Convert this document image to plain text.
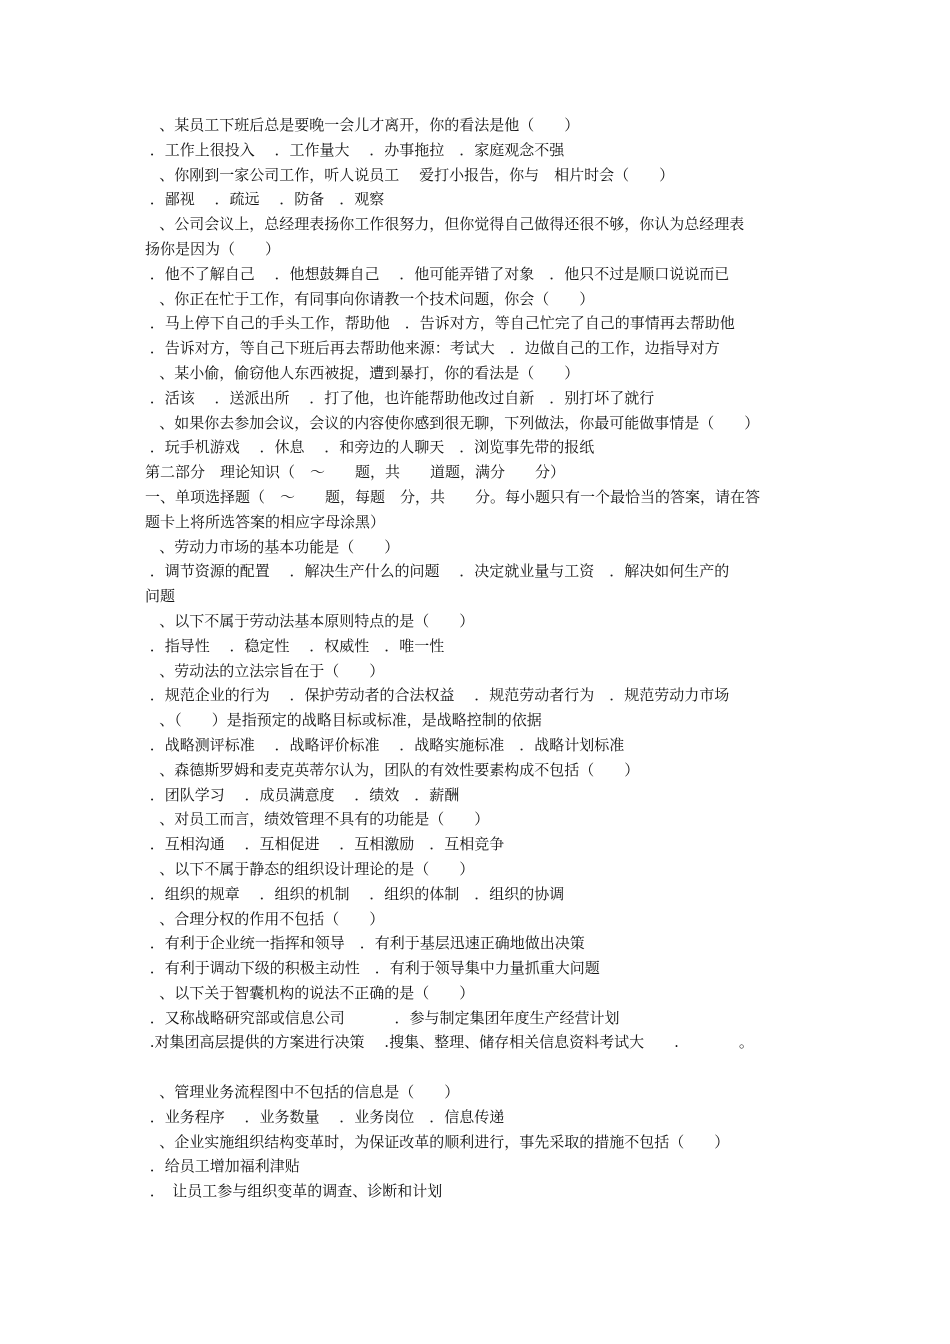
、某员工下班后总是要晚一会儿才离开，你的看法是他（　　）
．工作上很投入　 ．工作量大　 ．办事拖拉　．家庭观念不强
、你刚到一家公司工作，听人说员工　 爱打小报告，你与　相片时会（　　）
．鄙视　 ．疏远　 ．防备　．观察
、公司会议上，总经理表扬你工作很努力，但你觉得自己做得还很不够，你认为总经理表
扬你是因为（　　）
．他不了解自己　 ．他想鼓舞自己　 ．他可能弄错了对象　．他只不过是顺口说说而已
、你正在忙于工作，有同事向你请教一个技术问题，你会（　　）
．马上停下自己的手头工作，帮助他　．告诉对方，等自己忙完了自己的事情再去帮助他
．告诉对方，等自己下班后再去帮助他来源：考试大　．边做自己的工作，边指导对方
、某小偷，偷窃他人东西被捉，遭到暴打，你的看法是（　　）
．活该　 ．送派出所　 ．打了他，也许能帮助他改过自新　．别打坏了就行
、如果你去参加会议，会议的内容使你感到很无聊，下列做法，你最可能做事情是（　　）
．玩手机游戏　 ．休息　 ．和旁边的人聊天　．浏览事先带的报纸
第二部分　理论知识（　～　　题，共　　道题，满分　　分）
一、单项选择题（　～　　题，每题　分，共　　分。每小题只有一个最恰当的答案，请在答
题卡上将所选答案的相应字母涂黑）
、劳动力市场的基本功能是（　　）
．调节资源的配置　 ．解决生产什么的问题　 ．决定就业量与工资　．解决如何生产的
问题
、以下不属于劳动法基本原则特点的是（　　）
．指导性　 ．稳定性　 ．权威性　．唯一性
、劳动法的立法宗旨在于（　　）
．规范企业的行为　 ．保护劳动者的合法权益　 ．规范劳动者行为　．规范劳动力市场
、（　　）是指预定的战略目标或标准，是战略控制的依据
．战略测评标准　 ．战略评价标准　 ．战略实施标准　．战略计划标准
、森德斯罗姆和麦克英蒂尔认为，团队的有效性要素构成不包括（　　）
．团队学习　 ．成员满意度　 ．绩效　．薪酬
、对员工而言，绩效管理不具有的功能是（　　）
．互相沟通　 ．互相促进　 ．互相激励　．互相竞争
、以下不属于静态的组织设计理论的是（　　）
．组织的规章　 ．组织的机制　 ．组织的体制　．组织的协调
、合理分权的作用不包括（　　）
．有利于企业统一指挥和领导　．有利于基层迅速正确地做出决策
．有利于调动下级的积极主动性　．有利于领导集中力量抓重大问题
、以下关于智囊机构的说法不正确的是（　　）
．又称战略研究部或信息公司　　　 ．参与制定集团年度生产经营计划
.对集团高层提供的方案进行决策　 .搜集、整理、储存相关信息资料考试大　　.　　　　。
、管理业务流程图中不包括的信息是（　　）
．业务程序　 ．业务数量　 ．业务岗位　．信息传递
、企业实施组织结构变革时，为保证改革的顺利进行，事先采取的措施不包括（　　）
．给员工增加福利津贴
．　让员工参与组织变革的调查、诊断和计划
